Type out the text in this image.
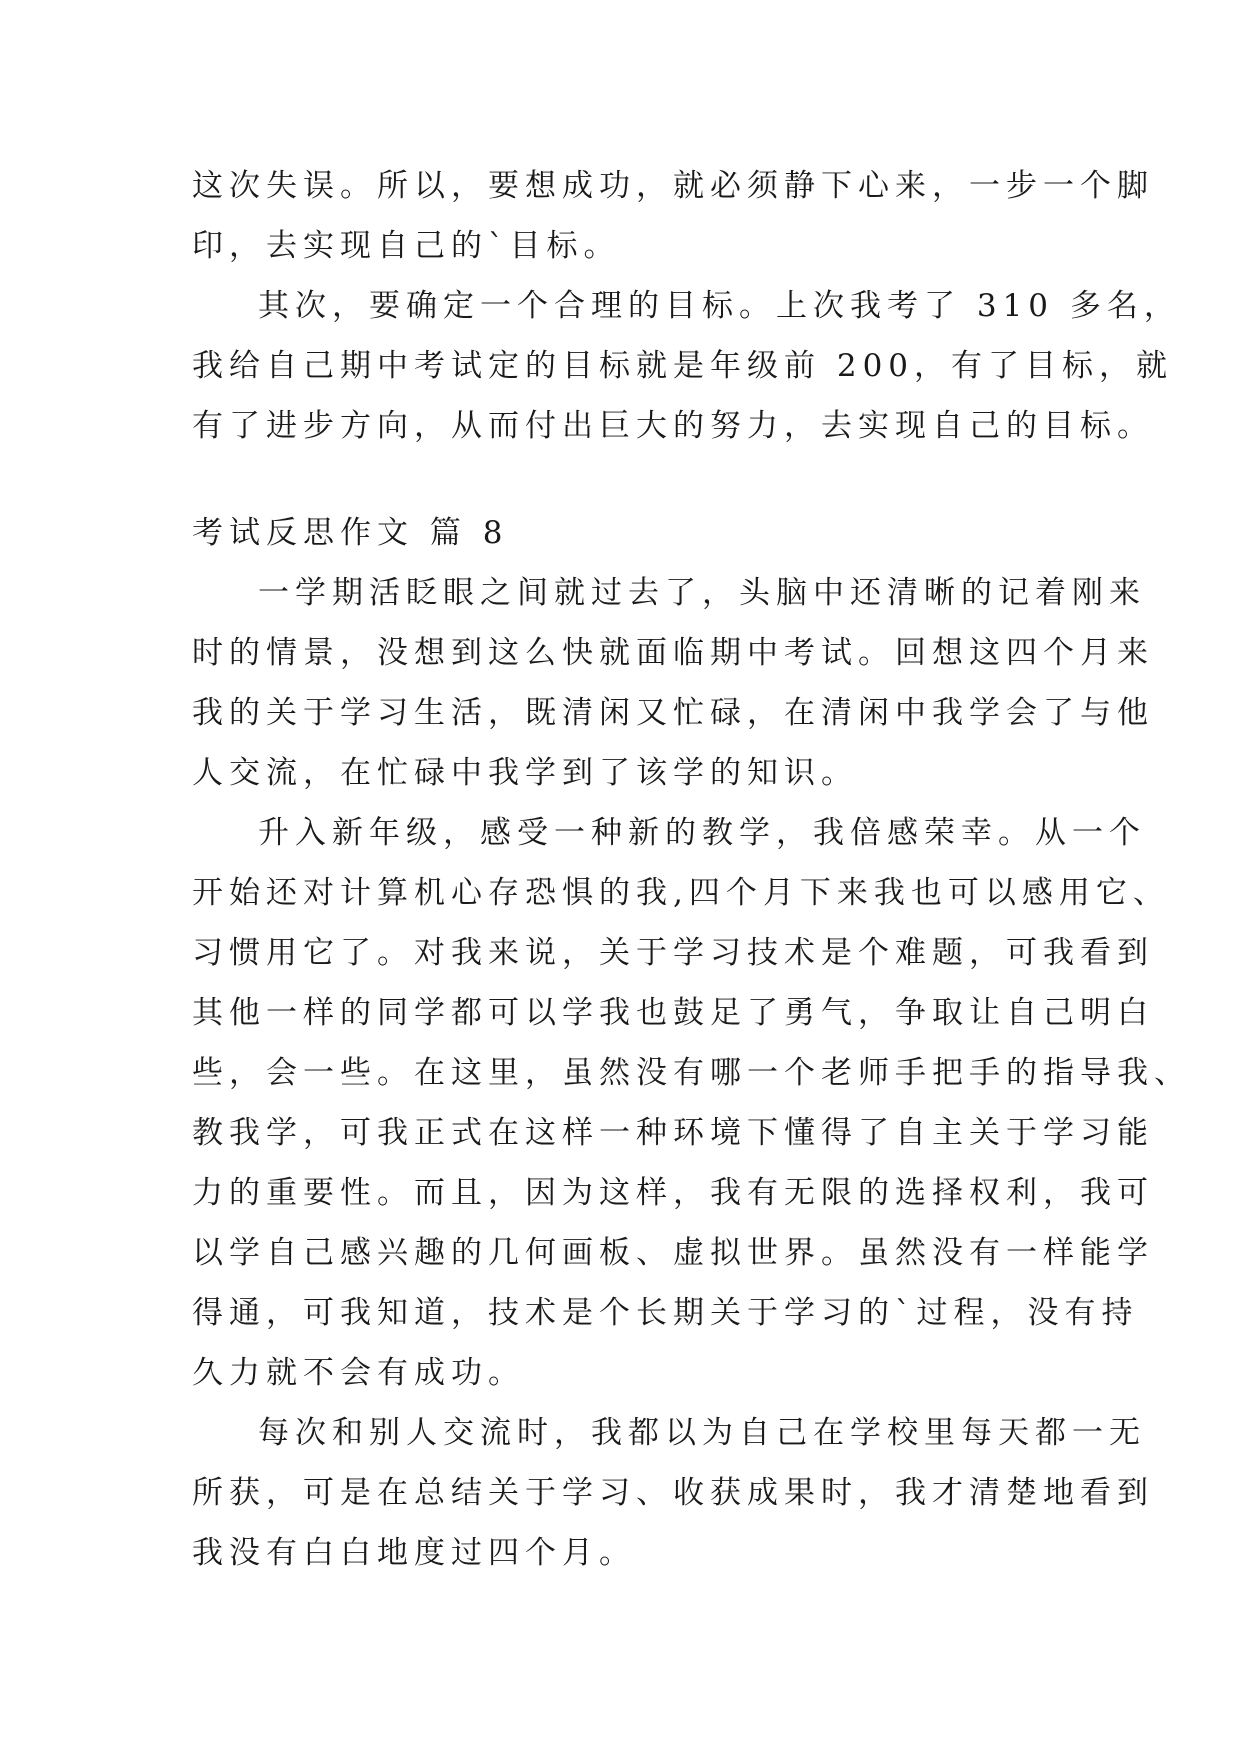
这次失误。所以，要想成功，就必须静下心来，一步一个脚
印，去实现自己的`目标。
其次，要确定一个合理的目标。上次我考了 310 多名，
我给自己期中考试定的目标就是年级前 200，有了目标，就
有了进步方向，从而付出巨大的努力，去实现自己的目标。
考试反思作文 篇 8
一学期活眨眼之间就过去了，头脑中还清晰的记着刚来
时的情景，没想到这么快就面临期中考试。回想这四个月来
我的关于学习生活，既清闲又忙碌，在清闲中我学会了与他
人交流，在忙碌中我学到了该学的知识。
升入新年级，感受一种新的教学，我倍感荣幸。从一个
开始还对计算机心存恐惧的我,四个月下来我也可以感用它、
习惯用它了。对我来说，关于学习技术是个难题，可我看到
其他一样的同学都可以学我也鼓足了勇气，争取让自己明白
些，会一些。在这里，虽然没有哪一个老师手把手的指导我、
教我学，可我正式在这样一种环境下懂得了自主关于学习能
力的重要性。而且，因为这样，我有无限的选择权利，我可
以学自己感兴趣的几何画板、虚拟世界。虽然没有一样能学
得通，可我知道，技术是个长期关于学习的`过程，没有持
久力就不会有成功。
每次和别人交流时，我都以为自己在学校里每天都一无
所获，可是在总结关于学习、收获成果时，我才清楚地看到
我没有白白地度过四个月。
